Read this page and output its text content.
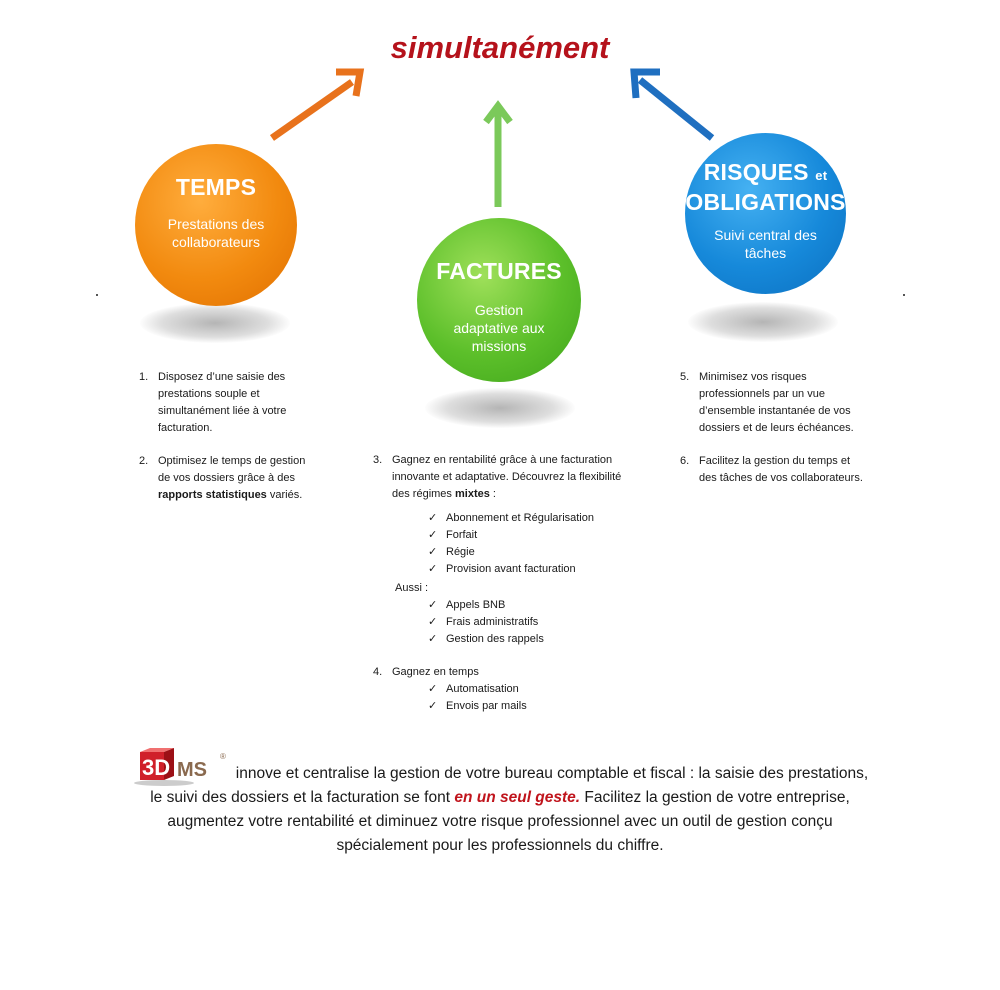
simultanément
TEMPS
Prestations des collaborateurs
FACTURES
Gestion adaptative aux missions
RISQUES et
OBLIGATIONS
Suivi central des tâches
1. Disposez d’une saisie des
prestations souple et
simultanément liée à votre
facturation.
2. Optimisez le temps de gestion
de vos dossiers grâce à des
rapports statistiques variés.
3. Gagnez en rentabilité grâce à une facturation
innovante et adaptative. Découvrez la flexibilité
des régimes mixtes :
✓ Abonnement et Régularisation
✓ Forfait
✓ Régie
✓ Provision avant facturation
Aussi :
✓ Appels BNB
✓ Frais administratifs
✓ Gestion des rappels
4. Gagnez en temps
✓ Automatisation
✓ Envois par mails
5. Minimisez vos risques
professionnels par un vue
d’ensemble instantanée de vos
dossiers et de leurs échéances.
6. Facilitez la gestion du temps et
des tâches de vos collaborateurs.
3D MS
®
innove et centralise la gestion de votre bureau comptable et fiscal : la saisie des prestations, le suivi des dossiers et la facturation se font en un seul geste. Facilitez la gestion de votre entreprise, augmentez votre rentabilité et diminuez votre risque professionnel avec un outil de gestion conçu spécialement pour les professionnels du chiffre.
